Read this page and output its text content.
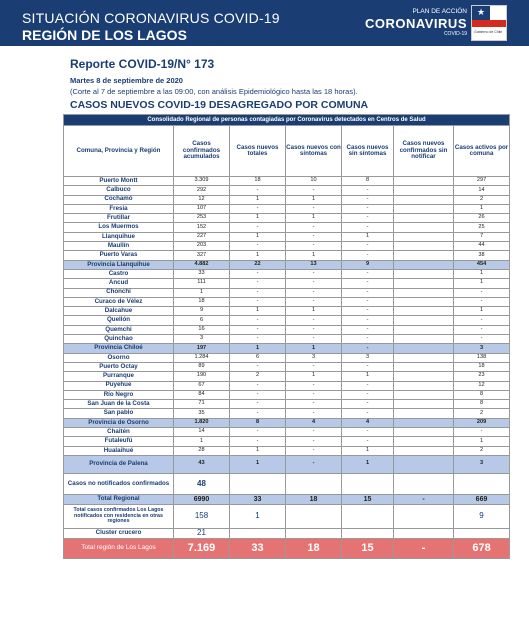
SITUACIÓN CORONAVIRUS COVID-19
REGIÓN DE LOS LAGOS
PLAN DE ACCIÓN
CORONAVIRUS
COVID-19
★
Gobierno de Chile
Reporte COVID-19/N° 173
Martes 8 de septiembre de 2020
(Corte al 7 de septiembre a las 09:00, con análisis Epidemiológico hasta las 18 horas).
CASOS NUEVOS COVID-19 DESAGREGADO POR COMUNA
Consolidado Regional de personas contagiadas por Coronavirus detectados en Centros de Salud						
Comuna, Provincia y Región	Casos confirmados acumulados	Casos nuevos totales	Casos nuevos con síntomas	Casos nuevos sin síntomas	Casos nuevos confirmados sin notificar	Casos activos por comuna
Puerto Montt	3.309	18	10	8		297
Calbuco	292	-	-	-		14
Cochamó	12	1	1	-		2
Fresia	107	-	-	-		1
Frutillar	253	1	1	-		26
Los Muermos	152	-	-	-		25
Llanquihue	227	1	-	1		7
Maullín	203	-	-	-		44
Puerto Varas	327	1	1	-		38
Provincia Llanquihue	4.882	22	13	9		454
Castro	33	-	-	-		1
Ancud	111	-	-	-		1
Chonchi	1	-	-	-		-
Curaco de Vélez	18	-	-	-		-
Dalcahue	9	1	1	-		1
Quellón	6	-	-	-		-
Quemchi	16	-	-	-		-
Quinchao	3	-	-	-		-
Provincia Chiloé	197	1	1	-		3
Osorno	1.284	6	3	3		138
Puerto Octay	89	-	-	-		18
Purranque	190	2	1	1		23
Puyehue	67	-	-	-		12
Río Negro	84	-	-	-		8
San Juan de la Costa	71	-	-	-		8
San pablo	35	-	-	-		2
Provincia de Osorno	1.820	8	4	4		209
Chaitén	14	-	-	-		-
Futaleufú	1	-	-	-		1
Hualaihué	28	1	-	1		2
Provincia de Palena	43	1	-	1		3
Casos no notificados confirmados	48					
Total Regional	6990	33	18	15	-	669
Total casos confirmados Los Lagos notificados con residencia en otras regiones	158	1				9
Cluster crucero	21					
Total región de Los Lagos	7.169	33	18	15	-	678
